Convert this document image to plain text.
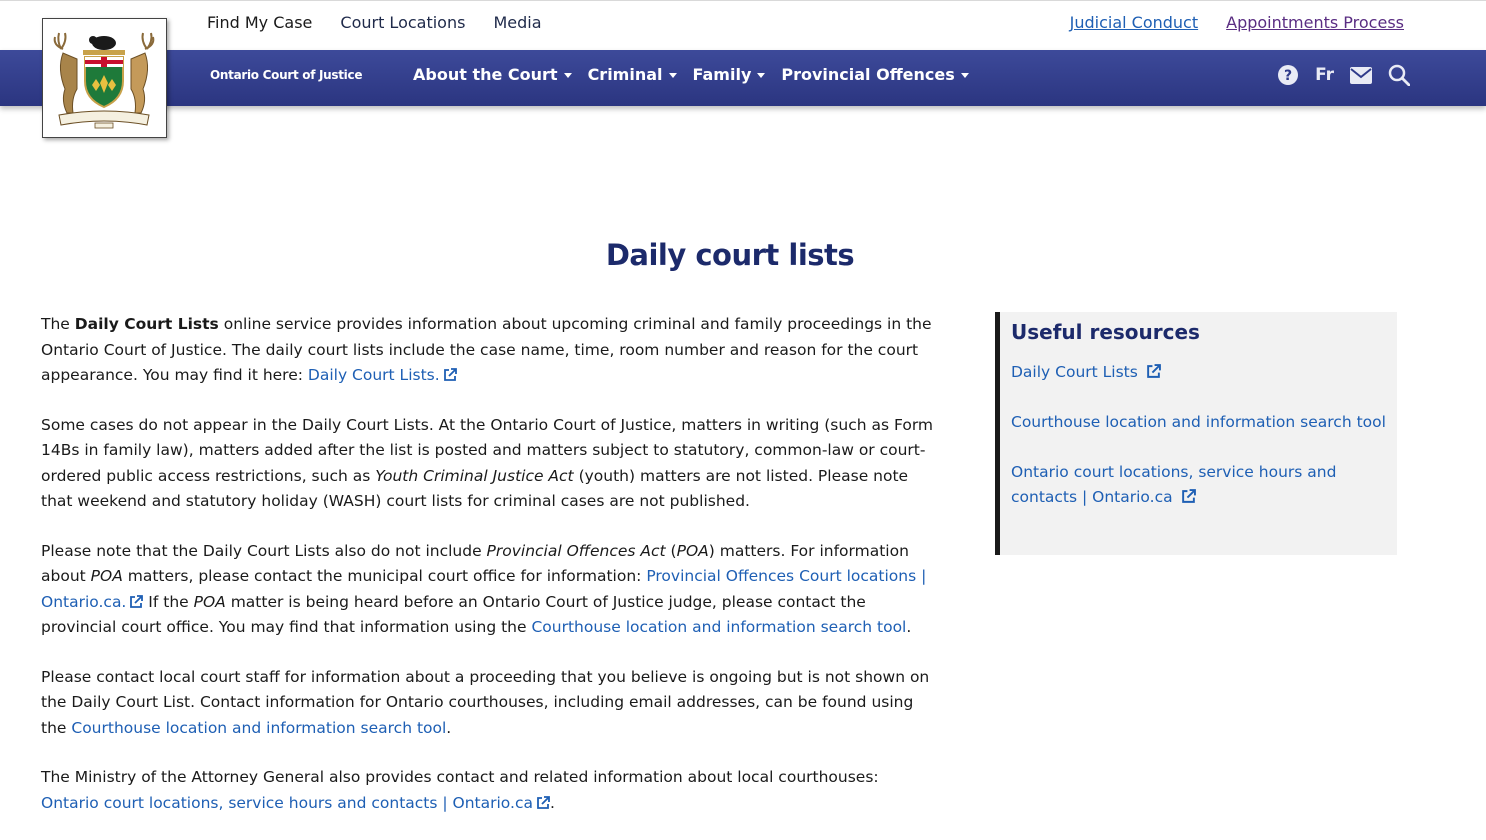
Find My Case Court Locations Media	Judicial Conduct Appointments Process
Ontario Court of Justice	About the Court Criminal Family Provincial Offences	? Fr
Daily court lists

The Daily Court Lists online service provides information about upcoming criminal and family proceedings in the Ontario Court of Justice. The daily court lists include the case name, time, room number and reason for the court appearance. You may find it here: Daily Court Lists.

Some cases do not appear in the Daily Court Lists. At the Ontario Court of Justice, matters in writing (such as Form 14Bs in family law), matters added after the list is posted and matters subject to statutory, common-law or court-ordered public access restrictions, such as Youth Criminal Justice Act (youth) matters are not listed. Please note that weekend and statutory holiday (WASH) court lists for criminal cases are not published.

Please note that the Daily Court Lists also do not include Provincial Offences Act (POA) matters. For information about POA matters, please contact the municipal court office for information: Provincial Offences Court locations | Ontario.ca. If the POA matter is being heard before an Ontario Court of Justice judge, please contact the provincial court office. You may find that information using the Courthouse location and information search tool.

Please contact local court staff for information about a proceeding that you believe is ongoing but is not shown on the Daily Court List. Contact information for Ontario courthouses, including email addresses, can be found using the Courthouse location and information search tool.

The Ministry of the Attorney General also provides contact and related information about local courthouses: Ontario court locations, service hours and contacts | Ontario.ca .

Useful resources
Daily Court Lists
Courthouse location and information search tool
Ontario court locations, service hours and contacts | Ontario.ca
